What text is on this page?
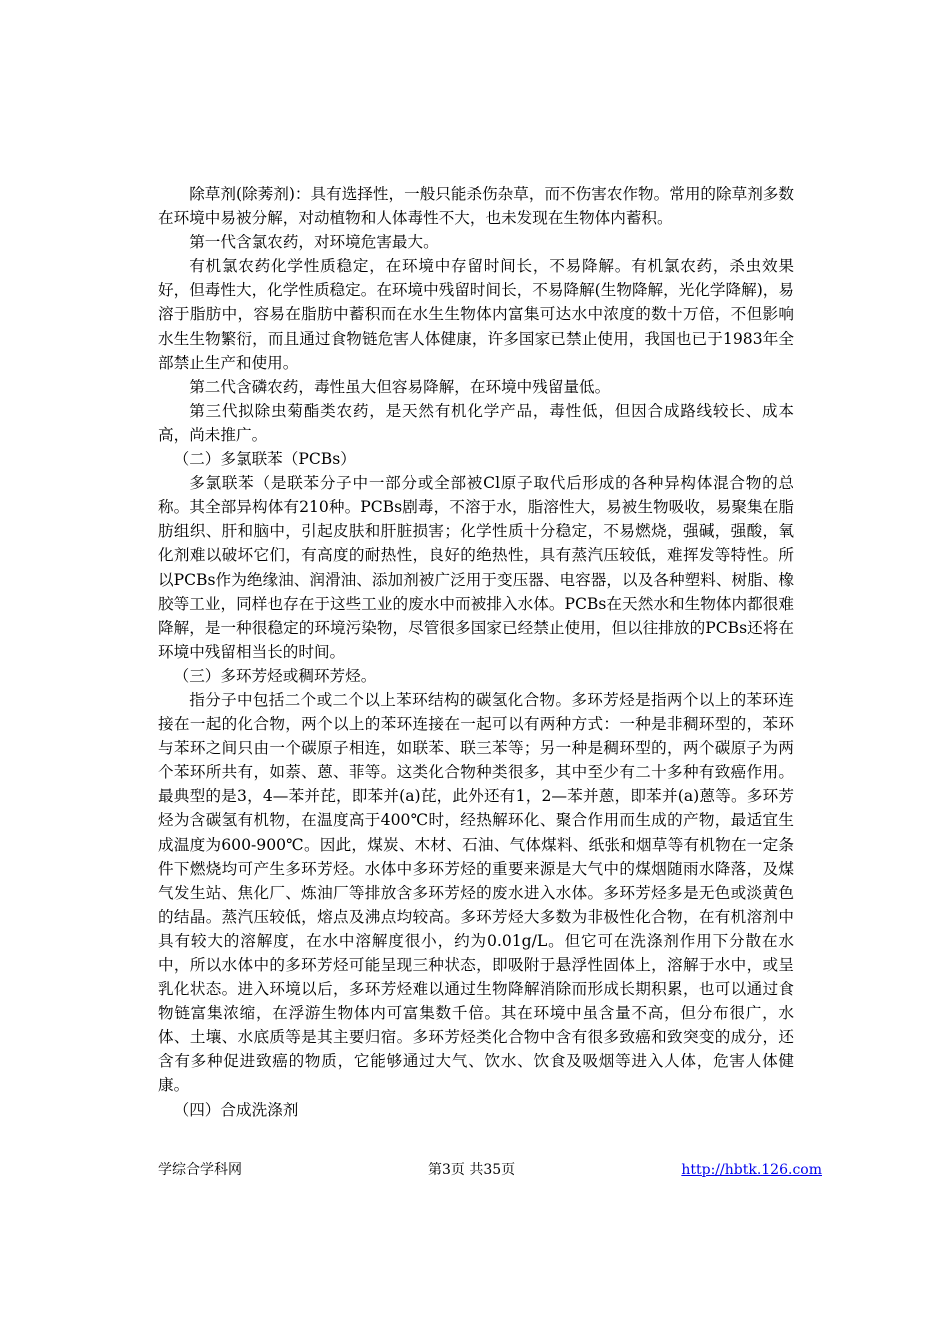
除草剂(除莠剂)：具有选择性，一般只能杀伤杂草，而不伤害农作物。常用的除草剂多数在环境中易被分解，对动植物和人体毒性不大，也未发现在生物体内蓄积。

第一代含氯农药，对环境危害最大。

有机氯农药化学性质稳定，在环境中存留时间长，不易降解。有机氯农药，杀虫效果好，但毒性大，化学性质稳定。在环境中残留时间长，不易降解(生物降解，光化学降解)，易溶于脂肪中，容易在脂肪中蓄积而在水生生物体内富集可达水中浓度的数十万倍，不但影响水生生物繁衍，而且通过食物链危害人体健康，许多国家已禁止使用，我国也已于1983年全部禁止生产和使用。

第二代含磷农药，毒性虽大但容易降解，在环境中残留量低。

第三代拟除虫菊酯类农药，是天然有机化学产品，毒性低，但因合成路线较长、成本高，尚未推广。

（二）多氯联苯（PCBs）

多氯联苯（是联苯分子中一部分或全部被Cl原子取代后形成的各种异构体混合物的总称。其全部异构体有210种。PCBs剧毒，不溶于水，脂溶性大，易被生物吸收，易聚集在脂肪组织、肝和脑中，引起皮肤和肝脏损害；化学性质十分稳定，不易燃烧，强碱，强酸，氧化剂难以破坏它们，有高度的耐热性，良好的绝热性，具有蒸汽压较低，难挥发等特性。所以PCBs作为绝缘油、润滑油、添加剂被广泛用于变压器、电容器，以及各种塑料、树脂、橡胶等工业，同样也存在于这些工业的废水中而被排入水体。PCBs在天然水和生物体内都很难降解，是一种很稳定的环境污染物，尽管很多国家已经禁止使用，但以往排放的PCBs还将在环境中残留相当长的时间。

（三）多环芳烃或稠环芳烃。

指分子中包括二个或二个以上苯环结构的碳氢化合物。多环芳烃是指两个以上的苯环连接在一起的化合物，两个以上的苯环连接在一起可以有两种方式：一种是非稠环型的，苯环与苯环之间只由一个碳原子相连，如联苯、联三苯等；另一种是稠环型的，两个碳原子为两个苯环所共有，如萘、蒽、菲等。这类化合物种类很多，其中至少有二十多种有致癌作用。最典型的是3，4—苯并芘，即苯并(a)芘，此外还有1，2—苯并蒽，即苯并(a)蒽等。多环芳烃为含碳氢有机物，在温度高于400℃时，经热解环化、聚合作用而生成的产物，最适宜生成温度为600-900℃。因此，煤炭、木材、石油、气体煤料、纸张和烟草等有机物在一定条件下燃烧均可产生多环芳烃。水体中多环芳烃的重要来源是大气中的煤烟随雨水降落，及煤气发生站、焦化厂、炼油厂等排放含多环芳烃的废水进入水体。多环芳烃多是无色或淡黄色的结晶。蒸汽压较低，熔点及沸点均较高。多环芳烃大多数为非极性化合物，在有机溶剂中具有较大的溶解度，在水中溶解度很小，约为0.01g/L。但它可在洗涤剂作用下分散在水中，所以水体中的多环芳烃可能呈现三种状态，即吸附于悬浮性固体上，溶解于水中，或呈乳化状态。进入环境以后，多环芳烃难以通过生物降解消除而形成长期积累，也可以通过食物链富集浓缩，在浮游生物体内可富集数千倍。其在环境中虽含量不高，但分布很广，水体、土壤、水底质等是其主要归宿。多环芳烃类化合物中含有很多致癌和致突变的成分，还含有多种促进致癌的物质，它能够通过大气、饮水、饮食及吸烟等进入人体，危害人体健康。

（四）合成洗涤剂

学综合学科网	第3页 共35页	http://hbtk.126.com
